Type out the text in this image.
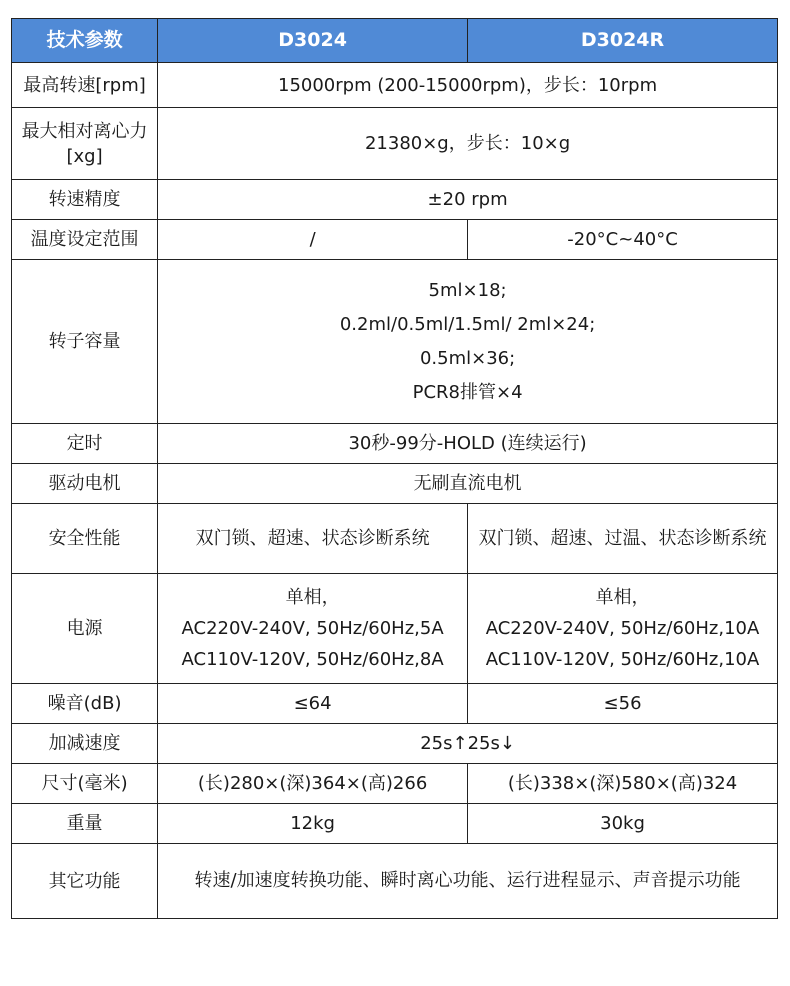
技术参数	D3024	D3024R
最高转速[rpm]	15000rpm (200-15000rpm)，步长：10rpm	
最大相对离心力[xg]	21380×g，步长：10×g	
转速精度	±20 rpm	
温度设定范围	/	-20°C~40°C
转子容量	5ml×18;
0.2ml/0.5ml/1.5ml/ 2ml×24;
0.5ml×36;
PCR8排管×4	

定时	30秒-99分-HOLD (连续运行)	
驱动电机	无刷直流电机	
安全性能	双门锁、超速、状态诊断系统	双门锁、超速、过温、状态诊断系统
电源	单相，
AC220V-240V, 50Hz/60Hz,5A
AC110V-120V, 50Hz/60Hz,8A	单相，
AC220V-240V, 50Hz/60Hz,10A
AC110V-120V, 50Hz/60Hz,10A

噪音(dB)	≤64	≤56
加减速度	25s↑25s↓	
尺寸(毫米)	(长)280×(深)364×(高)266	(长)338×(深)580×(高)324
重量	12kg	30kg
其它功能	转速/加速度转换功能、瞬时离心功能、运行进程显示、声音提示功能	
